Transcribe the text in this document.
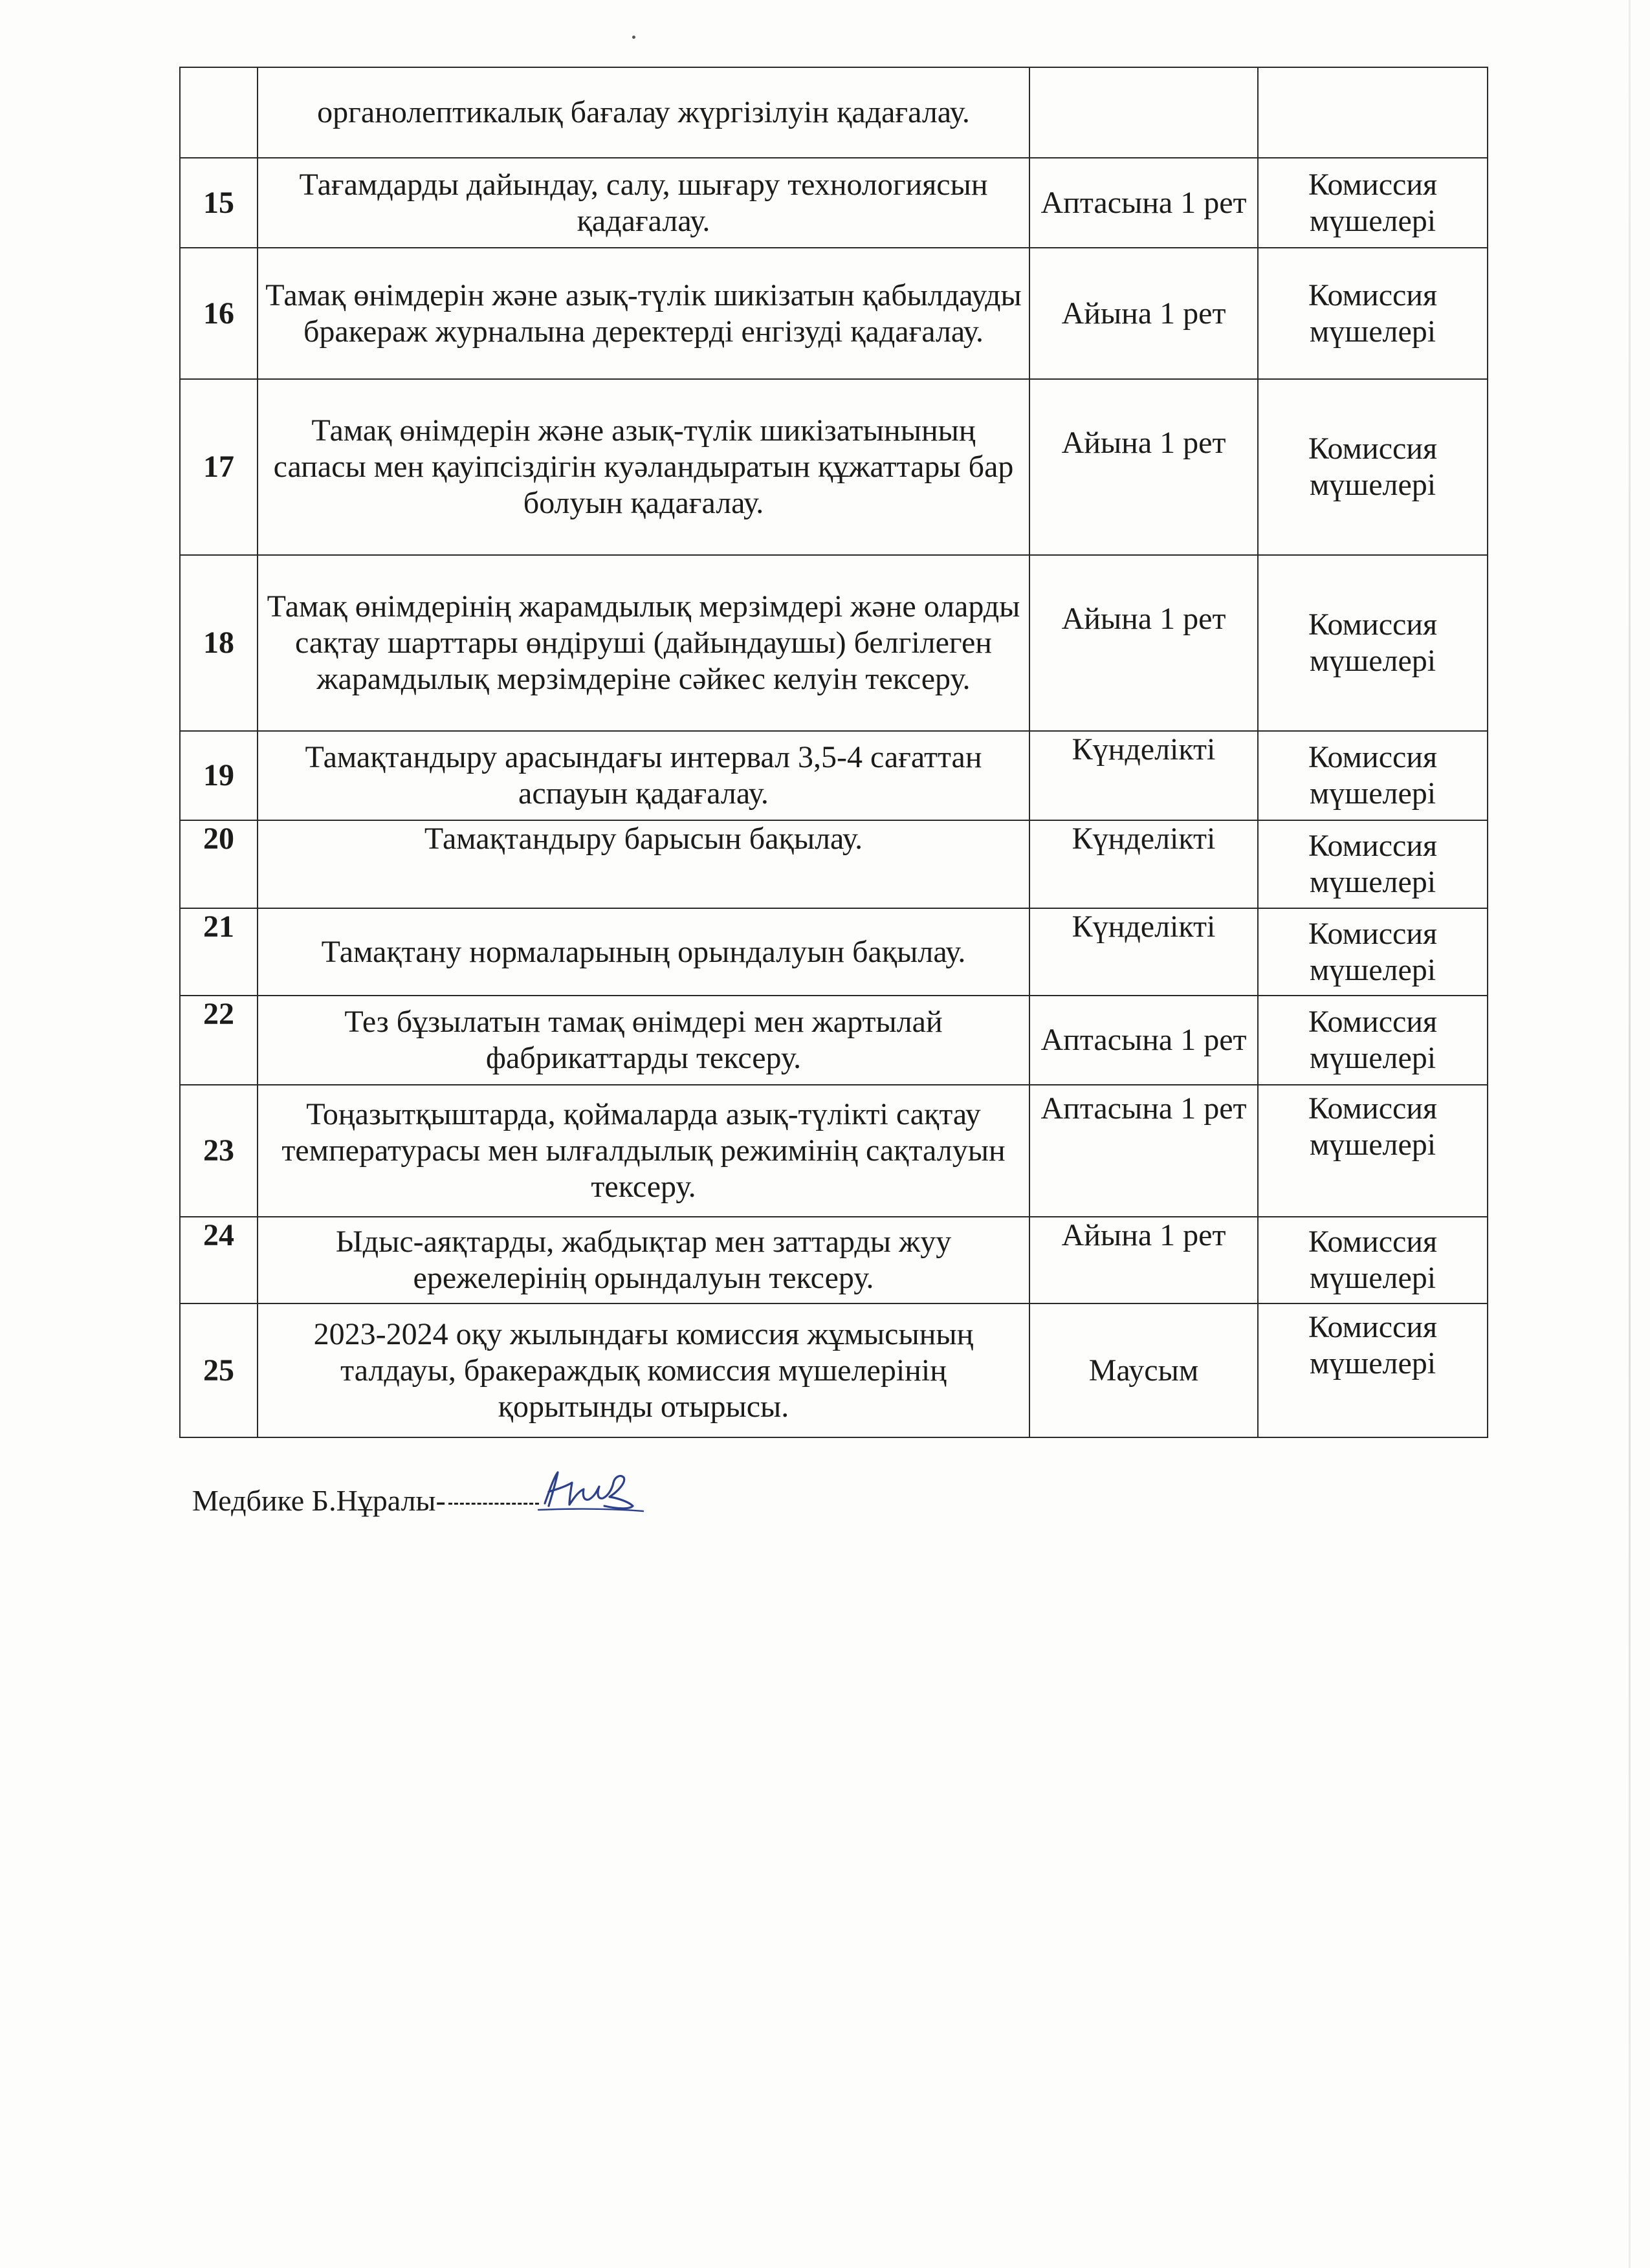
	органолептикалық бағалау жүргізілуін қадағалау.		
15	Тағамдарды дайындау, салу, шығару технологиясын қадағалау.	Аптасына 1 рет	Комиссия мүшелері
16	Тамақ өнімдерін және азық-түлік шикізатын қабылдауды бракераж журналына деректерді енгізуді қадағалау.	Айына 1 рет	Комиссия мүшелері
17	Тамақ өнімдерін және азық-түлік шикізатынының сапасы мен қауіпсіздігін куәландыратын құжаттары бар болуын қадағалау.	Айына 1 рет	Комиссия мүшелері
18	Тамақ өнімдерінің жарамдылық мерзімдері және оларды сақтау шарттары өндіруші (дайындаушы) белгілеген жарамдылық мерзімдеріне сәйкес келуін тексеру.	Айына 1 рет	Комиссия мүшелері
19	Тамақтандыру арасындағы интервал 3,5-4 сағаттан аспауын қадағалау.	Күнделікті	Комиссия мүшелері
20	Тамақтандыру барысын бақылау.	Күнделікті	Комиссия мүшелері
21	Тамақтану нормаларының орындалуын бақылау.	Күнделікті	Комиссия мүшелері
22	Тез бұзылатын тамақ өнімдері мен жартылай фабрикаттарды тексеру.	Аптасына 1 рет	Комиссия мүшелері
23	Тоңазытқыштарда, қоймаларда азық-түлікті сақтау температурасы мен ылғалдылық режимінің сақталуын тексеру.	Аптасына 1 рет	Комиссия мүшелері
24	Ыдыс-аяқтарды, жабдықтар мен заттарды жуу ережелерінің орындалуын тексеру.	Айына 1 рет	Комиссия мүшелері
25	2023-2024 оқу жылындағы комиссия жұмысының талдауы, бракераждық комиссия мүшелерінің қорытынды отырысы.	Маусым	Комиссия мүшелері
Медбике Б.Нұралы-
